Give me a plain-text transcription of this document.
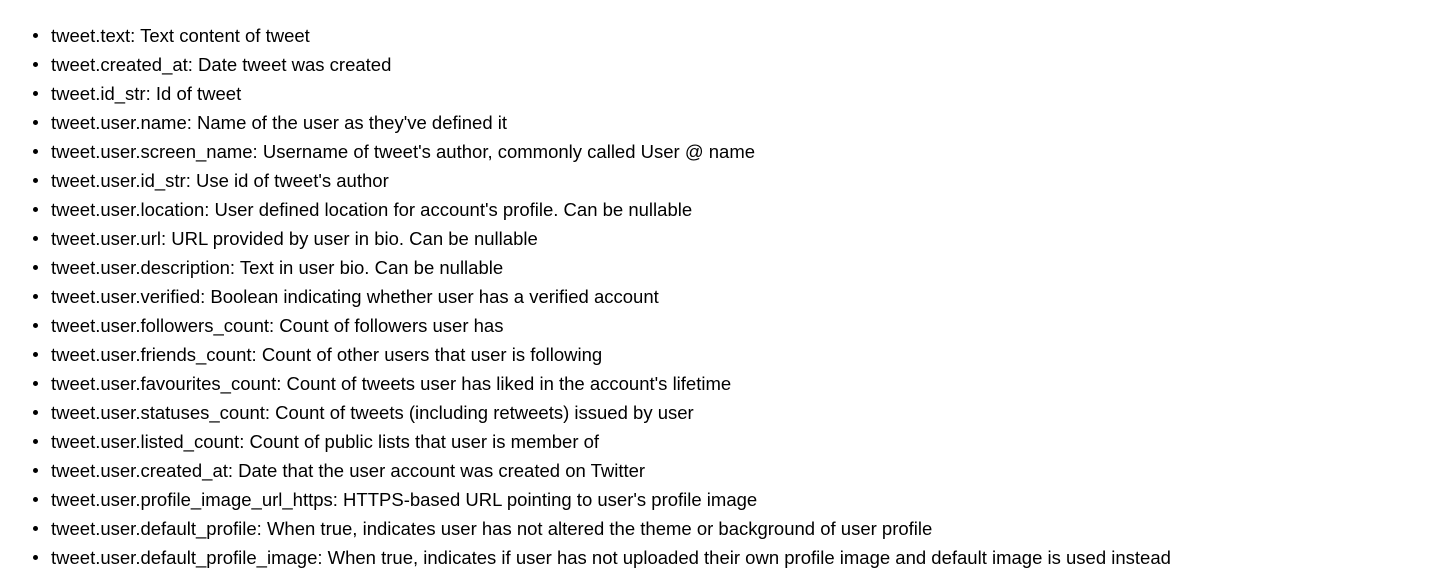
tweet.text: Text content of tweet
tweet.created_at: Date tweet was created
tweet.id_str: Id of tweet
tweet.user.name: Name of the user as they've defined it
tweet.user.screen_name: Username of tweet's author, commonly called User @ name
tweet.user.id_str: Use id of tweet's author
tweet.user.location: User defined location for account's profile. Can be nullable
tweet.user.url: URL provided by user in bio. Can be nullable
tweet.user.description: Text in user bio. Can be nullable
tweet.user.verified: Boolean indicating whether user has a verified account
tweet.user.followers_count: Count of followers user has
tweet.user.friends_count: Count of other users that user is following
tweet.user.favourites_count: Count of tweets user has liked in the account's lifetime
tweet.user.statuses_count: Count of tweets (including retweets) issued by user
tweet.user.listed_count: Count of public lists that user is member of
tweet.user.created_at: Date that the user account was created on Twitter
tweet.user.profile_image_url_https: HTTPS-based URL pointing to user's profile image
tweet.user.default_profile: When true, indicates user has not altered the theme or background of user profile
tweet.user.default_profile_image: When true, indicates if user has not uploaded their own profile image and default image is used instead
